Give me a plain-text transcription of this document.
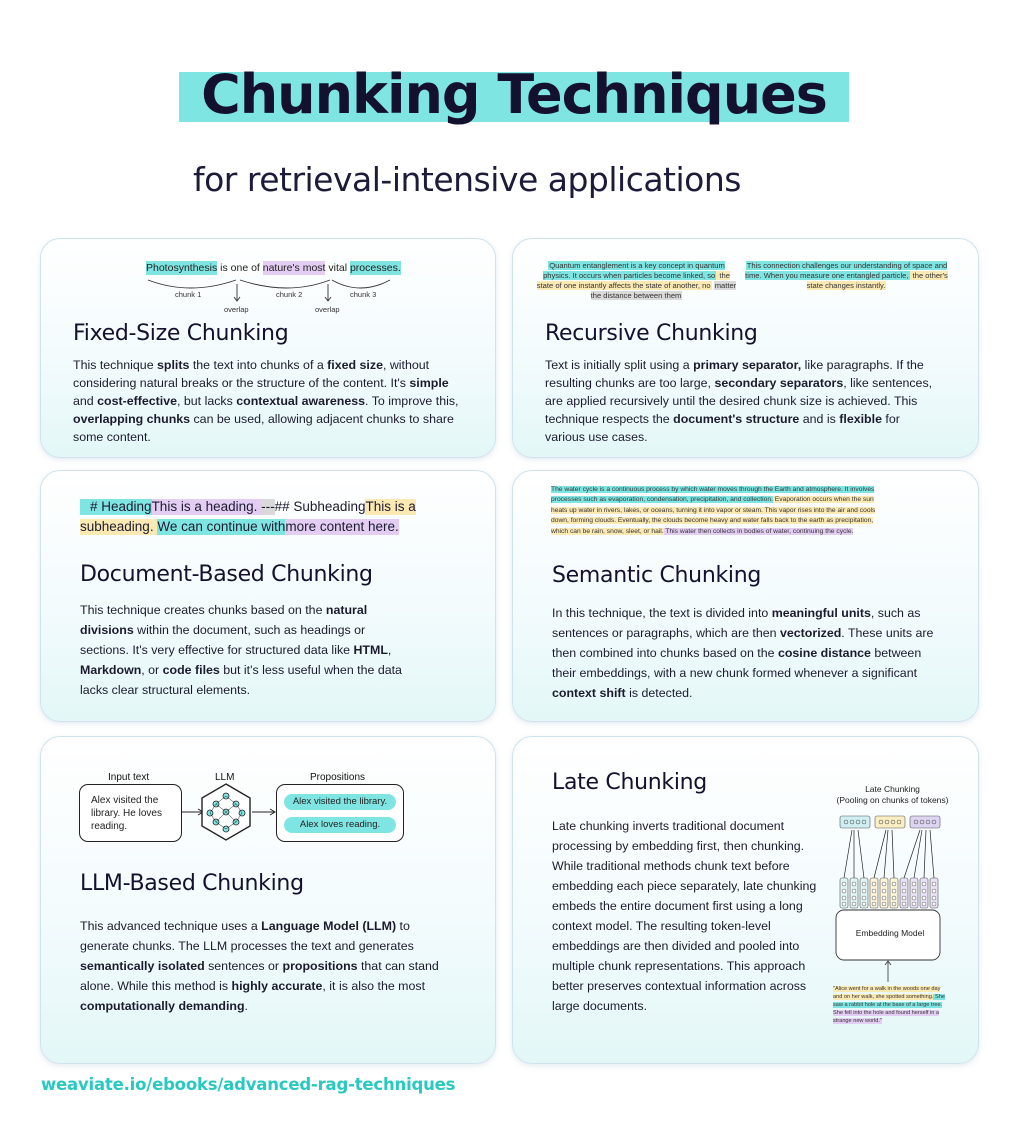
Chunking Techniques
for retrieval-intensive applications
Photosynthesis is one of nature's most vital processes.
chunk 1	chunk 2	chunk 3
overlap	overlap
Fixed-Size Chunking
This technique splits the text into chunks of a fixed size, without considering natural breaks or the structure of the content. It's simple and cost-effective, but lacks contextual awareness. To improve this, overlapping chunks can be used, allowing adjacent chunks to share some content.
Quantum entanglement is a key concept in quantum physics. It occurs when particles become linked, so the state of one instantly affects the state of another, no matter the distance between them
This connection challenges our understanding of space and time. When you measure one entangled particle, the other's state changes instantly.
Recursive Chunking
Text is initially split using a primary separator, like paragraphs. If the resulting chunks are too large, secondary separators, like sentences, are applied recursively until the desired chunk size is achieved. This technique respects the document's structure and is flexible for various use cases.
# HeadingThis is a heading. ---## SubheadingThis is a subheading. We can continue withmore content here.
Document-Based Chunking
This technique creates chunks based on the natural divisions within the document, such as headings or sections. It's very effective for structured data like HTML, Markdown, or code files but it's less useful when the data lacks clear structural elements.
The water cycle is a continuous process by which water moves through the Earth and atmosphere. It involves processes such as evaporation, condensation, precipitation, and collection. Evaporation occurs when the sun heats up water in rivers, lakes, or oceans, turning it into vapor or steam. This vapor rises into the air and cools down, forming clouds. Eventually, the clouds become heavy and water falls back to the earth as precipitation, which can be rain, snow, sleet, or hail. This water then collects in bodies of water, continuing the cycle.
Semantic Chunking
In this technique, the text is divided into meaningful units, such as sentences or paragraphs, which are then vectorized. These units are then combined into chunks based on the cosine distance between their embeddings, with a new chunk formed whenever a significant context shift is detected.
Input text	LLM	Propositions
Alex visited the library. He loves reading.
Alex visited the library.
Alex loves reading.
LLM-Based Chunking
This advanced technique uses a Language Model (LLM) to generate chunks. The LLM processes the text and generates semantically isolated sentences or propositions that can stand alone. While this method is highly accurate, it is also the most computationally demanding.
Late Chunking
Late chunking inverts traditional document processing by embedding first, then chunking. While traditional methods chunk text before embedding each piece separately, late chunking embeds the entire document first using a long context model. The resulting token-level embeddings are then divided and pooled into multiple chunk representations. This approach better preserves contextual information across large documents.
Late Chunking
(Pooling on chunks of tokens)
Embedding Model
"Alice went for a walk in the woods one day and on her walk, she spotted something. She saw a rabbit hole at the base of a large tree. She fell into the hole and found herself in a strange new world."
weaviate.io/ebooks/advanced-rag-techniques
